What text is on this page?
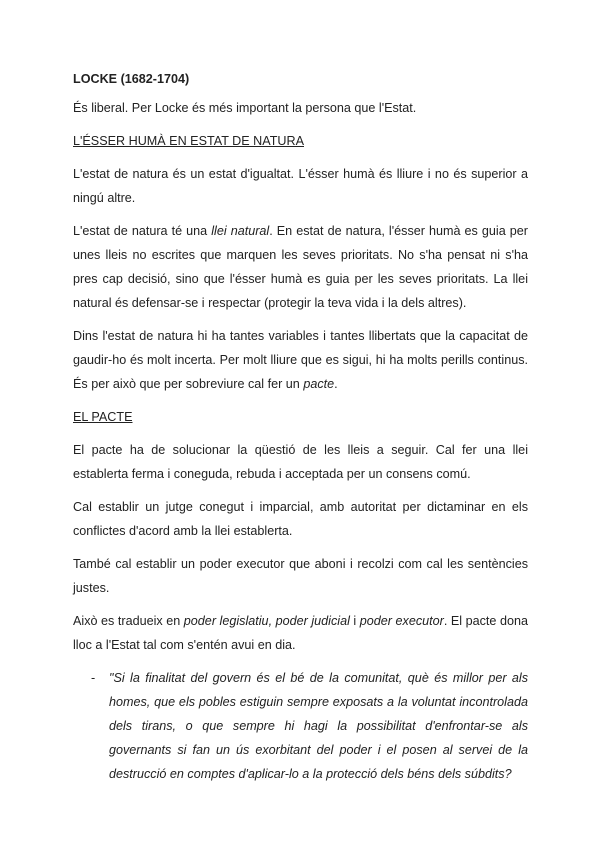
LOCKE (1682-1704)

És liberal. Per Locke és més important la persona que l'Estat.

L'ÉSSER HUMÀ EN ESTAT DE NATURA

L'estat de natura és un estat d'igualtat. L'ésser humà és lliure i no és superior a ningú altre.

L'estat de natura té una llei natural. En estat de natura, l'ésser humà es guia per unes lleis no escrites que marquen les seves prioritats. No s'ha pensat ni s'ha pres cap decisió, sino que l'ésser humà es guia per les seves prioritats. La llei natural és defensar-se i respectar (protegir la teva vida i la dels altres).

Dins l'estat de natura hi ha tantes variables i tantes llibertats que la capacitat de gaudir-ho és molt incerta. Per molt lliure que es sigui, hi ha molts perills continus. És per això que per sobreviure cal fer un pacte.

EL PACTE

El pacte ha de solucionar la qüestió de les lleis a seguir. Cal fer una llei establerta ferma i coneguda, rebuda i acceptada per un consens comú.

Cal establir un jutge conegut i imparcial, amb autoritat per dictaminar en els conflictes d'acord amb la llei establerta.

També cal establir un poder executor que aboni i recolzi com cal les sentències justes.

Això es tradueix en poder legislatiu, poder judicial i poder executor. El pacte dona lloc a l'Estat tal com s'entén avui en dia.

-	"Si la finalitat del govern és el bé de la comunitat, què és millor per als homes, que els pobles estiguin sempre exposats a la voluntat incontrolada dels tirans, o que sempre hi hagi la possibilitat d'enfrontar-se als governants si fan un ús exorbitant del poder i el posen al servei de la destrucció en comptes d'aplicar-lo a la protecció dels béns dels súbdits?
